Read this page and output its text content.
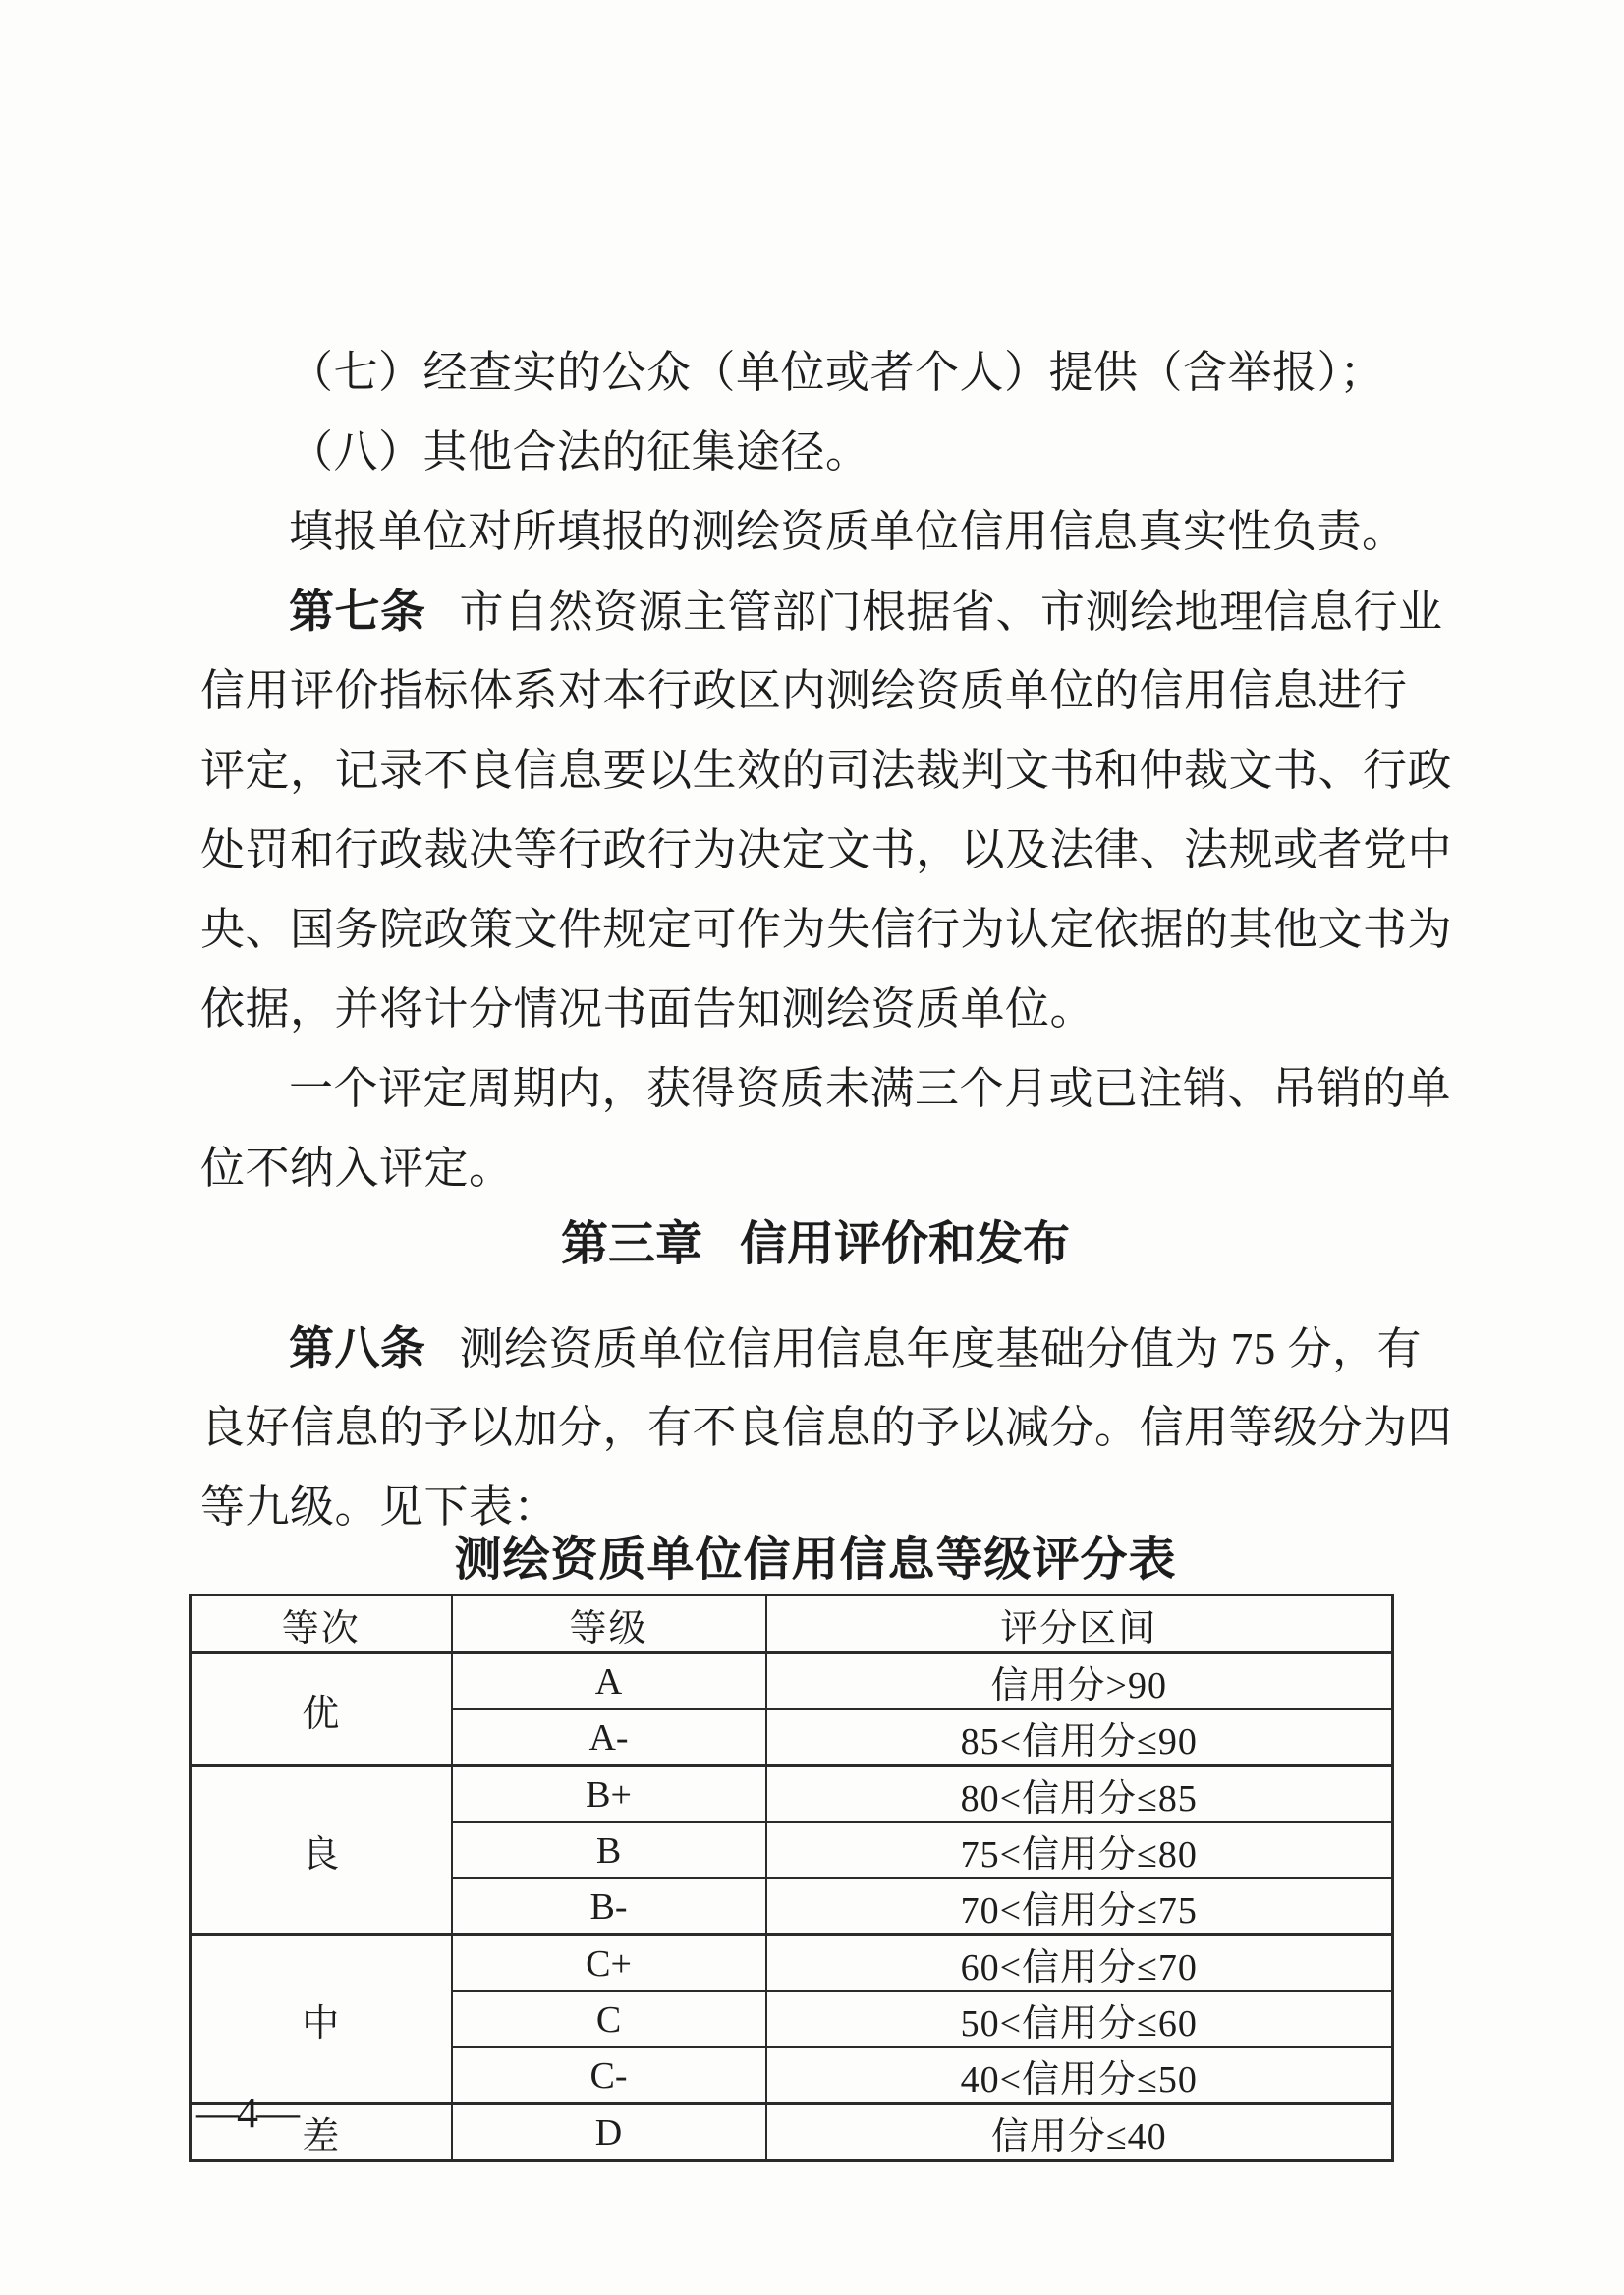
（七）经查实的公众（单位或者个人）提供（含举报）；
（八）其他合法的征集途径。
填报单位对所填报的测绘资质单位信用信息真实性负责。
第七条 市自然资源主管部门根据省、市测绘地理信息行业
信用评价指标体系对本行政区内测绘资质单位的信用信息进行
评定，记录不良信息要以生效的司法裁判文书和仲裁文书、行政
处罚和行政裁决等行政行为决定文书，以及法律、法规或者党中
央、国务院政策文件规定可作为失信行为认定依据的其他文书为
依据，并将计分情况书面告知测绘资质单位。
一个评定周期内，获得资质未满三个月或已注销、吊销的单
位不纳入评定。
第三章 信用评价和发布
第八条 测绘资质单位信用信息年度基础分值为 75 分，有
良好信息的予以加分，有不良信息的予以减分。信用等级分为四
等九级。见下表：
测绘资质单位信用信息等级评分表
等次	等级	评分区间
优	A	信用分>90
	A-	85<信用分≤90
良	B+	80<信用分≤85
	B	75<信用分≤80
	B-	70<信用分≤75
中	C+	60<信用分≤70
	C	50<信用分≤60
	C-	40<信用分≤50
差	D	信用分≤40
—4—
